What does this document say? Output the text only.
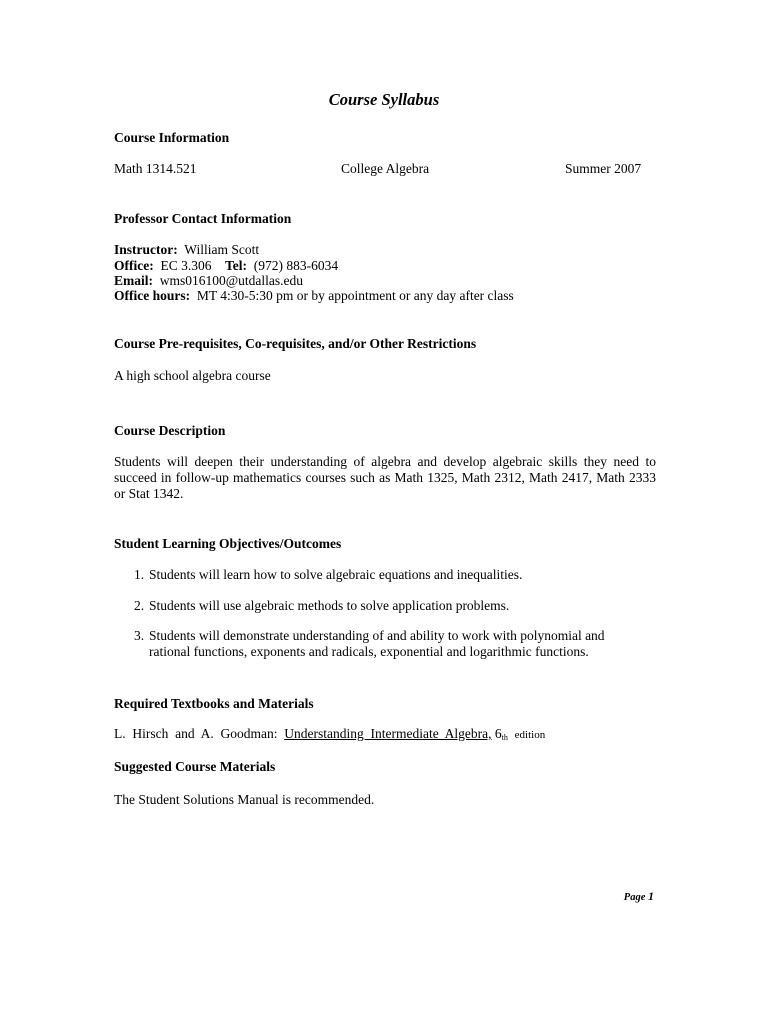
Course Syllabus
Course Information
Math 1314.521	College Algebra	Summer 2007
Professor Contact Information
Instructor: William Scott
Office: EC 3.306 Tel: (972) 883-6034
Email: wms016100@utdallas.edu
Office hours: MT 4:30-5:30 pm or by appointment or any day after class
Course Pre-requisites, Co-requisites, and/or Other Restrictions
A high school algebra course
Course Description
Students will deepen their understanding of algebra and develop algebraic skills they need to succeed in follow-up mathematics courses such as Math 1325, Math 2312, Math 2417, Math 2333 or Stat 1342.
Student Learning Objectives/Outcomes
1. Students will learn how to solve algebraic equations and inequalities.
2. Students will use algebraic methods to solve application problems.
3. Students will demonstrate understanding of and ability to work with polynomial and rational functions, exponents and radicals, exponential and logarithmic functions.
Required Textbooks and Materials
L.  Hirsch  and  A.  Goodman: Understanding  Intermediate  Algebra, $6_{th}$ edition
Suggested Course Materials
The Student Solutions Manual is recommended.
Page 1
